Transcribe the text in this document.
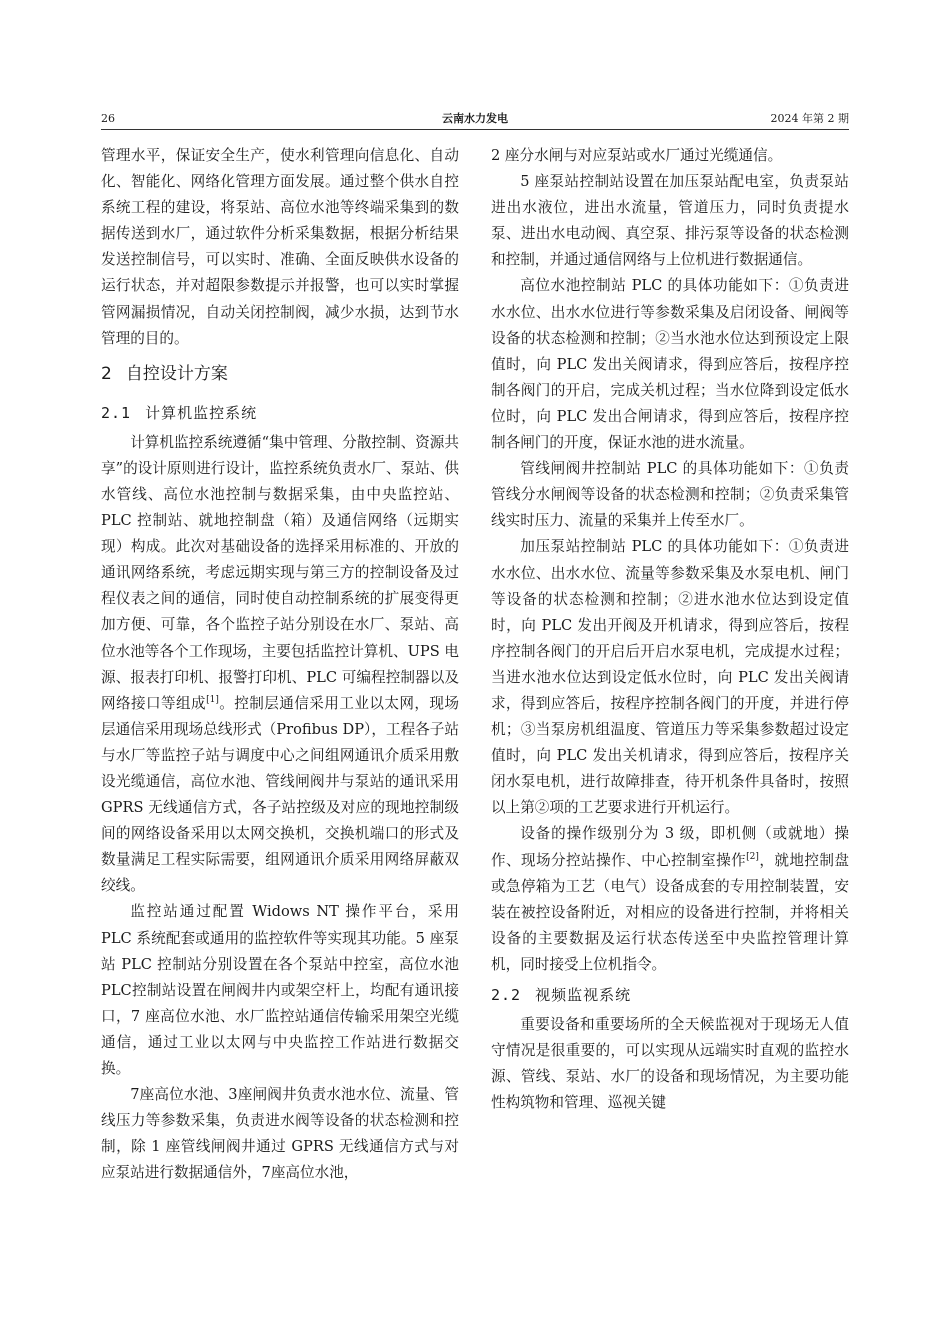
26	云南水力发电	2024 年第 2 期

管理水平，保证安全生产，使水利管理向信息化、自动化、智能化、网络化管理方面发展。通过整个供水自控系统工程的建设，将泵站、高位水池等终端采集到的数据传送到水厂，通过软件分析采集数据，根据分析结果发送控制信号，可以实时、准确、全面反映供水设备的运行状态，并对超限参数提示并报警，也可以实时掌握管网漏损情况，自动关闭控制阀，减少水损，达到节水管理的目的。

2 自控设计方案
2.1 计算机监控系统

计算机监控系统遵循“集中管理、分散控制、资源共享”的设计原则进行设计，监控系统负责水厂、泵站、供水管线、高位水池控制与数据采集，由中央监控站、PLC 控制站、就地控制盘（箱）及通信网络（远期实现）构成。此次对基础设备的选择采用标准的、开放的通讯网络系统，考虑远期实现与第三方的控制设备及过程仪表之间的通信，同时使自动控制系统的扩展变得更加方便、可靠，各个监控子站分别设在水厂、泵站、高位水池等各个工作现场，主要包括监控计算机、UPS 电源、报表打印机、报警打印机、PLC 可编程控制器以及网络接口等组成[1]。控制层通信采用工业以太网，现场层通信采用现场总线形式（Profibus DP），工程各子站与水厂等监控子站与调度中心之间组网通讯介质采用敷设光缆通信，高位水池、管线闸阀井与泵站的通讯采用 GPRS 无线通信方式，各子站控级及对应的现地控制级间的网络设备采用以太网交换机，交换机端口的形式及数量满足工程实际需要，组网通讯介质采用网络屏蔽双绞线。

监控站通过配置 Widows NT 操作平台，采用 PLC 系统配套或通用的监控软件等实现其功能。5 座泵站 PLC 控制站分别设置在各个泵站中控室，高位水池PLC控制站设置在闸阀井内或架空杆上，均配有通讯接口，7 座高位水池、水厂监控站通信传输采用架空光缆通信，通过工业以太网与中央监控工作站进行数据交换。

7座高位水池、3座闸阀井负责水池水位、流量、管线压力等参数采集，负责进水阀等设备的状态检测和控制，除 1 座管线闸阀井通过 GPRS 无线通信方式与对应泵站进行数据通信外，7座高位水池，

2 座分水闸与对应泵站或水厂通过光缆通信。

5 座泵站控制站设置在加压泵站配电室，负责泵站进出水液位，进出水流量，管道压力，同时负责提水泵、进出水电动阀、真空泵、排污泵等设备的状态检测和控制，并通过通信网络与上位机进行数据通信。

高位水池控制站 PLC 的具体功能如下：①负责进水水位、出水水位进行等参数采集及启闭设备、闸阀等设备的状态检测和控制；②当水池水位达到预设定上限值时，向 PLC 发出关阀请求，得到应答后，按程序控制各阀门的开启，完成关机过程；当水位降到设定低水位时，向 PLC 发出合闸请求，得到应答后，按程序控制各闸门的开度，保证水池的进水流量。

管线闸阀井控制站 PLC 的具体功能如下：①负责管线分水闸阀等设备的状态检测和控制；②负责采集管线实时压力、流量的采集并上传至水厂。

加压泵站控制站 PLC 的具体功能如下：①负责进水水位、出水水位、流量等参数采集及水泵电机、闸门等设备的状态检测和控制；②进水池水位达到设定值时，向 PLC 发出开阀及开机请求，得到应答后，按程序控制各阀门的开启后开启水泵电机，完成提水过程；当进水池水位达到设定低水位时，向 PLC 发出关阀请求，得到应答后，按程序控制各阀门的开度，并进行停机；③当泵房机组温度、管道压力等采集参数超过设定值时，向 PLC 发出关机请求，得到应答后，按程序关闭水泵电机，进行故障排查，待开机条件具备时，按照以上第②项的工艺要求进行开机运行。

设备的操作级别分为 3 级，即机侧（或就地）操作、现场分控站操作、中心控制室操作[2]，就地控制盘或急停箱为工艺（电气）设备成套的专用控制装置，安装在被控设备附近，对相应的设备进行控制，并将相关设备的主要数据及运行状态传送至中央监控管理计算机，同时接受上位机指令。

2.2 视频监视系统

重要设备和重要场所的全天候监视对于现场无人值守情况是很重要的，可以实现从远端实时直观的监控水源、管线、泵站、水厂的设备和现场情况，为主要功能性构筑物和管理、巡视关键
